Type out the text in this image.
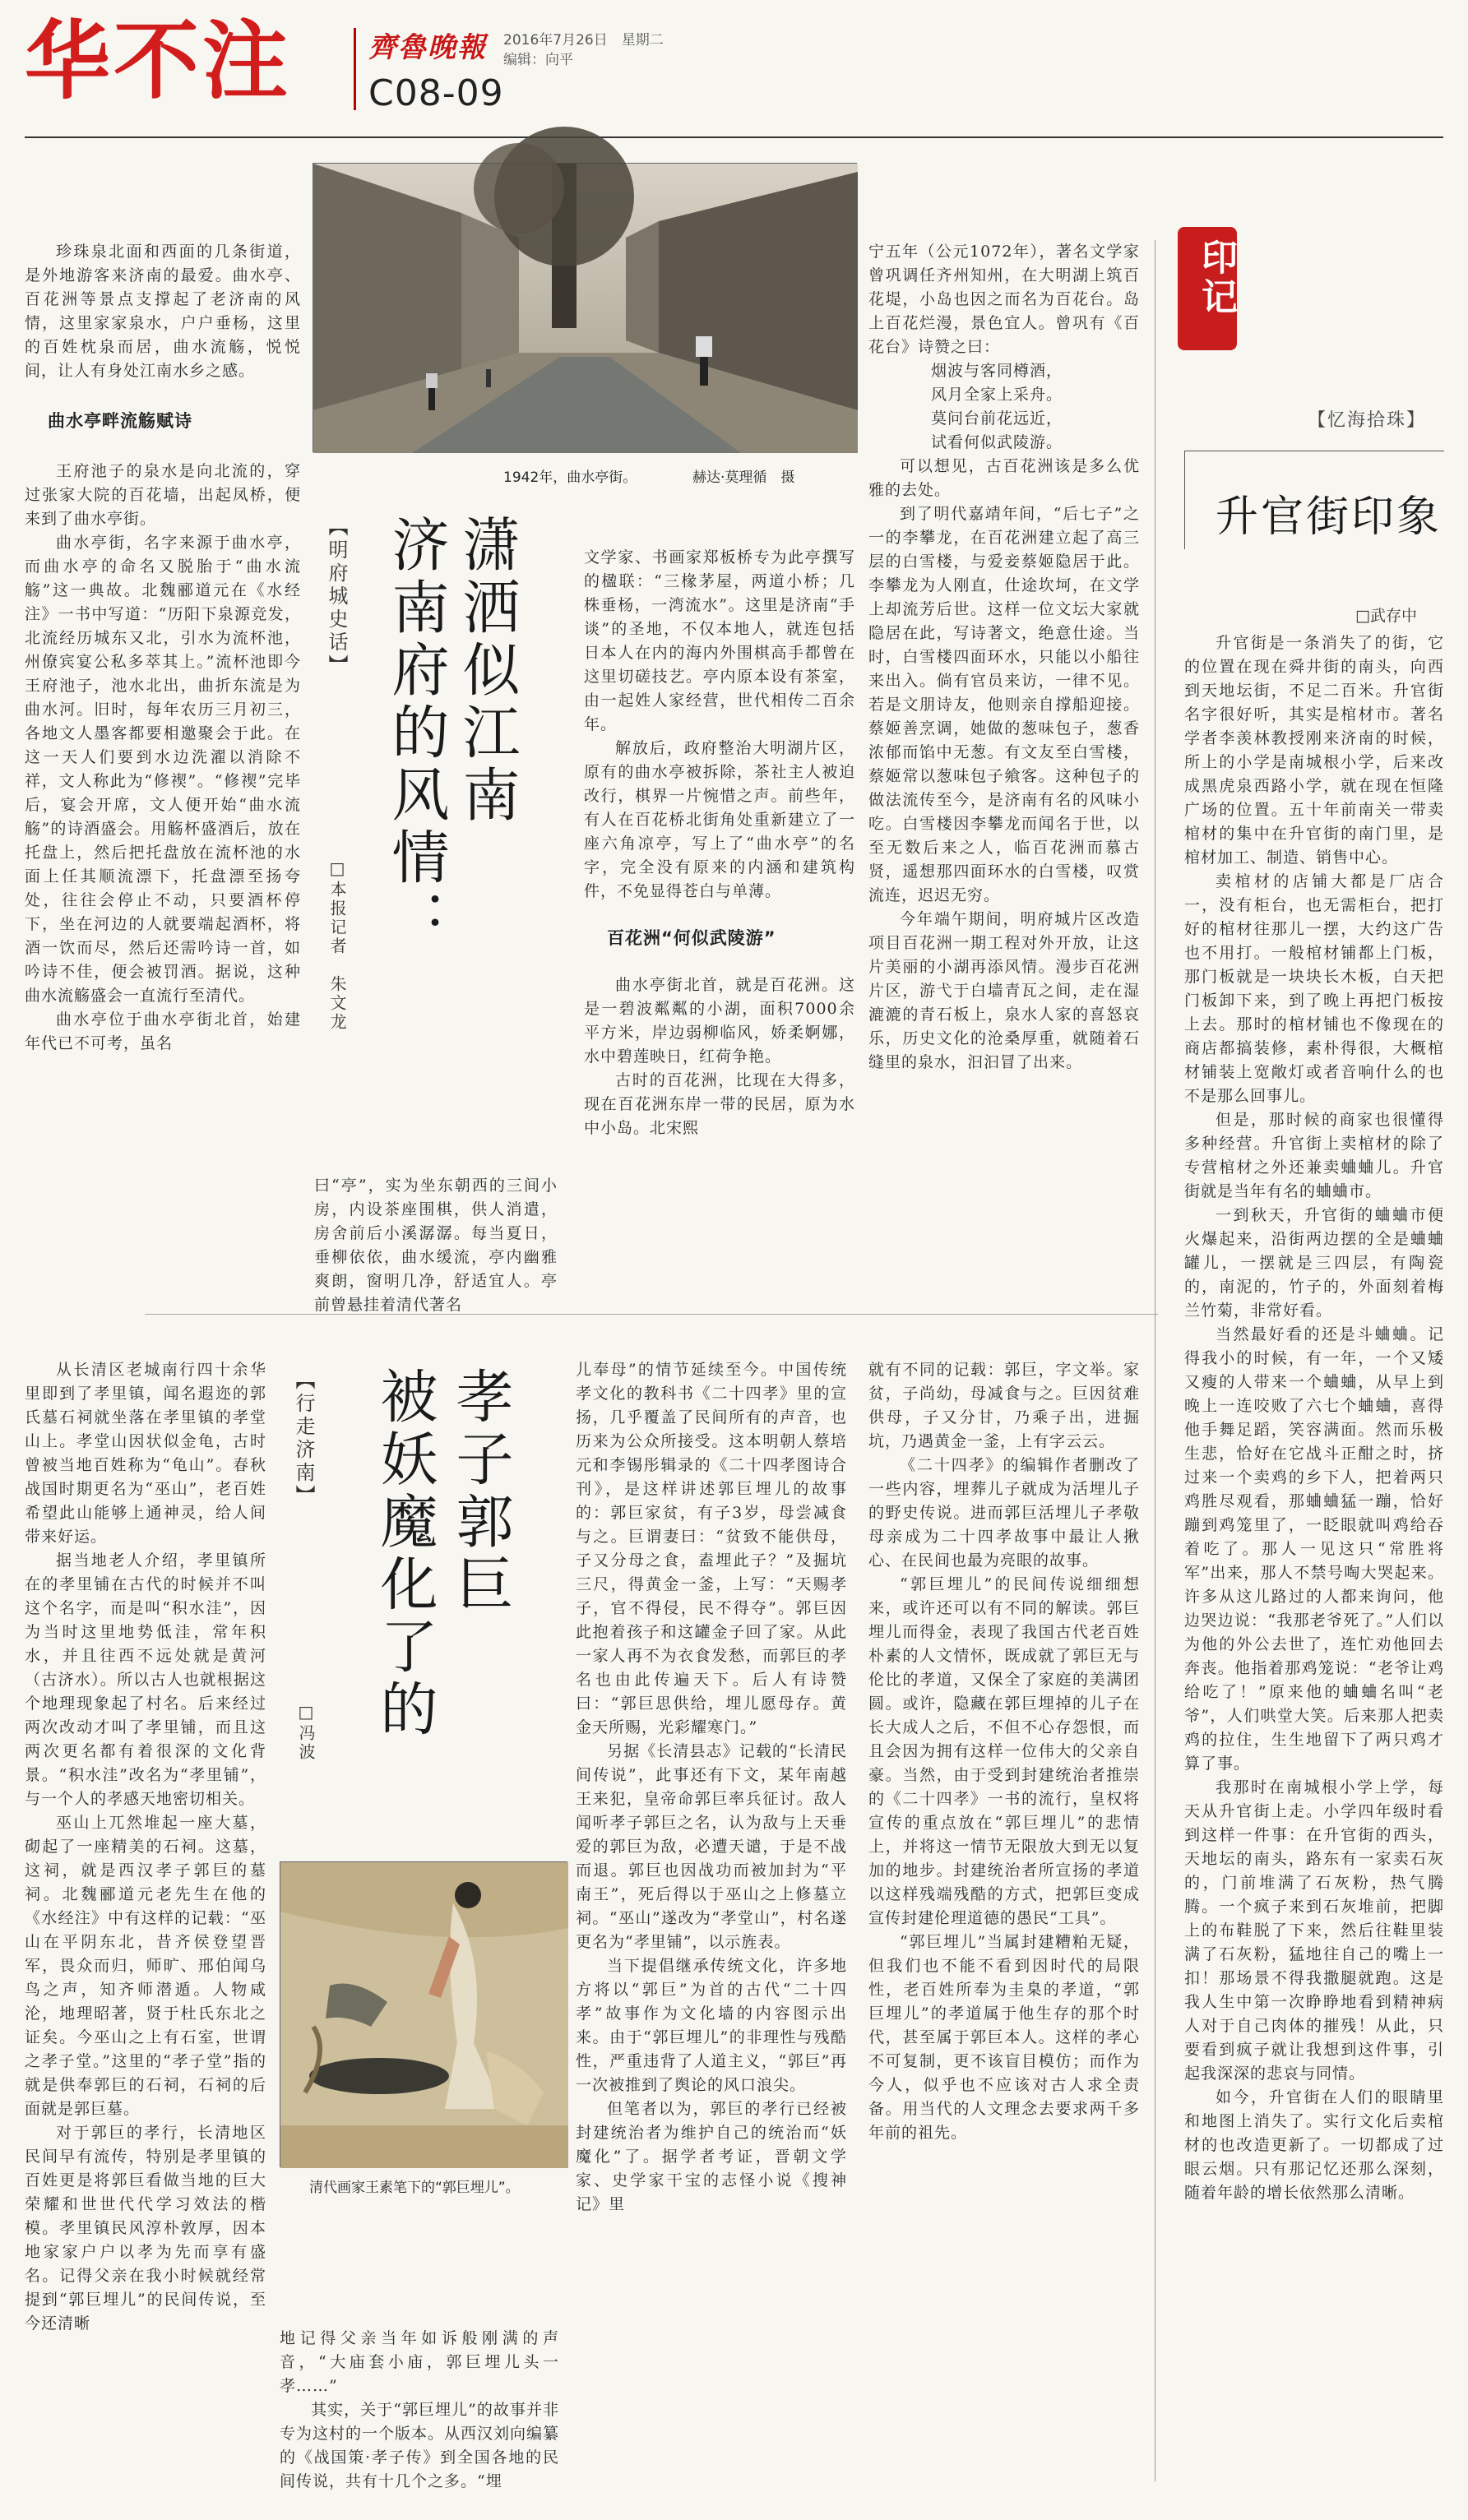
华不注	齊魯晚報 2016年7月26日　星期二
编辑：向平
C08-09
1942年，曲水亭街。	赫达·莫理循　摄
【明府城史话】 潇洒似江南
济南府的风情：
□本报记者　朱文龙

珍珠泉北面和西面的几条街道，是外地游客来济南的最爱。曲水亭、百花洲等景点支撑起了老济南的风情，这里家家泉水，户户垂杨，这里的百姓枕泉而居，曲水流觞，悦悦间，让人有身处江南水乡之感。

曲水亭畔流觞赋诗

王府池子的泉水是向北流的，穿过张家大院的百花墙，出起凤桥，便来到了曲水亭街。

曲水亭街，名字来源于曲水亭，而曲水亭的命名又脱胎于“曲水流觞”这一典故。北魏郦道元在《水经注》一书中写道：“历阳下泉源竞发，北流经历城东又北，引水为流杯池，州僚宾宴公私多萃其上。”流杯池即今王府池子，池水北出，曲折东流是为曲水河。旧时，每年农历三月初三，各地文人墨客都要相邀聚会于此。在这一天人们要到水边洗濯以消除不祥，文人称此为“修禊”。“修禊”完毕后，宴会开席，文人便开始“曲水流觞”的诗酒盛会。用觞杯盛酒后，放在托盘上，然后把托盘放在流杯池的水面上任其顺流漂下，托盘漂至扬夸处，往往会停止不动，只要酒杯停下，坐在河边的人就要端起酒杯，将酒一饮而尽，然后还需吟诗一首，如吟诗不佳，便会被罚酒。据说，这种曲水流觞盛会一直流行至清代。

曲水亭位于曲水亭街北首，始建年代已不可考，虽名

曰“亭”，实为坐东朝西的三间小房，内设茶座围棋，供人消遣，房舍前后小溪潺潺。每当夏日，垂柳依依，曲水缓流，亭内幽雅爽朗，窗明几净，舒适宜人。亭前曾悬挂着清代著名

文学家、书画家郑板桥专为此亭撰写的楹联：“三椽茅屋，两道小桥；几株垂杨，一湾流水”。这里是济南“手谈”的圣地，不仅本地人，就连包括日本人在内的海内外围棋高手都曾在这里切磋技艺。亭内原本设有茶室，由一起姓人家经营，世代相传二百余年。

解放后，政府整治大明湖片区，原有的曲水亭被拆除，茶社主人被迫改行，棋界一片惋惜之声。前些年，有人在百花桥北街角处重新建立了一座六角凉亭，写上了“曲水亭”的名字，完全没有原来的内涵和建筑构件，不免显得苍白与单薄。

百花洲“何似武陵游”

曲水亭街北首，就是百花洲。这是一碧波粼粼的小湖，面积7000余平方米，岸边弱柳临风，娇柔婀娜，水中碧莲映日，红荷争艳。

古时的百花洲，比现在大得多，现在百花洲东岸一带的民居，原为水中小岛。北宋熙

宁五年（公元1072年），著名文学家曾巩调任齐州知州，在大明湖上筑百花堤，小岛也因之而名为百花台。岛上百花烂漫，景色宜人。曾巩有《百花台》诗赞之曰：

烟波与客同樽酒，

风月全家上采舟。

莫问台前花远近，

试看何似武陵游。

可以想见，古百花洲该是多么优雅的去处。

到了明代嘉靖年间，“后七子”之一的李攀龙，在百花洲建立起了高三层的白雪楼，与爱妾蔡姬隐居于此。李攀龙为人刚直，仕途坎坷，在文学上却流芳后世。这样一位文坛大家就隐居在此，写诗著文，绝意仕途。当时，白雪楼四面环水，只能以小船往来出入。倘有官员来访，一律不见。若是文朋诗友，他则亲自撑船迎接。蔡姬善烹调，她做的葱味包子，葱香浓郁而馅中无葱。有文友至白雪楼，蔡姬常以葱味包子飨客。这种包子的做法流传至今，是济南有名的风味小吃。白雪楼因李攀龙而闻名于世，以至无数后来之人，临百花洲而慕古贤，遥想那四面环水的白雪楼，叹赏流连，迟迟无穷。

今年端午期间，明府城片区改造项目百花洲一期工程对外开放，让这片美丽的小湖再添风情。漫步百花洲片区，游弋于白墙青瓦之间，走在湿漉漉的青石板上，泉水人家的喜怒哀乐，历史文化的沧桑厚重，就随着石缝里的泉水，汩汩冒了出来。

【行走济南】 孝子郭巨
被妖魔化了的
□冯波
清代画家王素笔下的“郭巨埋儿”。

从长清区老城南行四十余华里即到了孝里镇，闻名遐迩的郭氏墓石祠就坐落在孝里镇的孝堂山上。孝堂山因状似金龟，古时曾被当地百姓称为“龟山”。春秋战国时期更名为“巫山”，老百姓希望此山能够上通神灵，给人间带来好运。

据当地老人介绍，孝里镇所在的孝里铺在古代的时候并不叫这个名字，而是叫“积水洼”，因为当时这里地势低洼，常年积水，并且往西不远处就是黄河（古济水）。所以古人也就根据这个地理现象起了村名。后来经过两次改动才叫了孝里铺，而且这两次更名都有着很深的文化背景。“积水洼”改名为“孝里铺”，与一个人的孝感天地密切相关。

巫山上兀然堆起一座大墓，砌起了一座精美的石祠。这墓，这祠，就是西汉孝子郭巨的墓祠。北魏郦道元老先生在他的《水经注》中有这样的记载：“巫山在平阴东北，昔齐侯登望晋军，畏众而归，师旷、邢伯闻乌鸟之声，知齐师潜遁。人物咸沦，地理昭著，贤于杜氏东北之证矣。今巫山之上有石室，世谓之孝子堂。”这里的“孝子堂”指的就是供奉郭巨的石祠，石祠的后面就是郭巨墓。

对于郭巨的孝行，长清地区民间早有流传，特别是孝里镇的百姓更是将郭巨看做当地的巨大荣耀和世世代代学习效法的楷模。孝里镇民风淳朴敦厚，因本地家家户户以孝为先而享有盛名。记得父亲在我小时候就经常提到“郭巨埋儿”的民间传说，至今还清晰

地记得父亲当年如诉般刚满的声音，“大庙套小庙，郭巨埋儿头一孝……”

其实，关于“郭巨埋儿”的故事并非专为这村的一个版本。从西汉刘向编纂的《战国策·孝子传》到全国各地的民间传说，共有十几个之多。“埋

儿奉母”的情节延续至今。中国传统孝文化的教科书《二十四孝》里的宣扬，几乎覆盖了民间所有的声音，也历来为公众所接受。这本明朝人蔡培元和李锡彤辑录的《二十四孝图诗合刊》，是这样讲述郭巨埋儿的故事的：郭巨家贫，有子3岁，母尝减食与之。巨谓妻曰：“贫致不能供母，子又分母之食，盍埋此子？”及掘坑三尺，得黄金一釜，上写：“天赐孝子，官不得侵，民不得夺”。郭巨因此抱着孩子和这罐金子回了家。从此一家人再不为衣食发愁，而郭巨的孝名也由此传遍天下。后人有诗赞曰：“郭巨思供给，埋儿愿母存。黄金天所赐，光彩耀寒门。”

另据《长清县志》记载的“长清民间传说”，此事还有下文，某年南越王来犯，皇帝命郭巨率兵征讨。敌人闻听孝子郭巨之名，认为敌与上天垂爱的郭巨为敌，必遭天谴，于是不战而退。郭巨也因战功而被加封为“平南王”，死后得以于巫山之上修墓立祠。“巫山”遂改为“孝堂山”，村名遂更名为“孝里铺”，以示旌表。

当下提倡继承传统文化，许多地方将以“郭巨”为首的古代“二十四孝”故事作为文化墙的内容图示出来。由于“郭巨埋儿”的非理性与残酷性，严重违背了人道主义，“郭巨”再一次被推到了舆论的风口浪尖。

但笔者以为，郭巨的孝行已经被封建统治者为维护自己的统治而“妖魔化”了。据学者考证，晋朝文学家、史学家干宝的志怪小说《搜神记》里

就有不同的记载：郭巨，字文举。家贫，子尚幼，母减食与之。巨因贫难供母，子又分甘，乃乘子出，进掘坑，乃遇黄金一釜，上有字云云。

《二十四孝》的编辑作者删改了一些内容，埋葬儿子就成为活埋儿子的野史传说。进而郭巨活埋儿子孝敬母亲成为二十四孝故事中最让人揪心、在民间也最为亮眼的故事。

“郭巨埋儿”的民间传说细细想来，或许还可以有不同的解读。郭巨埋儿而得金，表现了我国古代老百姓朴素的人文情怀，既成就了郭巨无与伦比的孝道，又保全了家庭的美满团圆。或许，隐藏在郭巨埋掉的儿子在长大成人之后，不但不心存怨恨，而且会因为拥有这样一位伟大的父亲自豪。当然，由于受到封建统治者推崇的《二十四孝》一书的流行，皇权将宣传的重点放在“郭巨埋儿”的悲情上，并将这一情节无限放大到无以复加的地步。封建统治者所宣扬的孝道以这样残端残酷的方式，把郭巨变成宣传封建伦理道德的愚民“工具”。

“郭巨埋儿”当属封建糟粕无疑，但我们也不能不看到因时代的局限性，老百姓所奉为圭臬的孝道，“郭巨埋儿”的孝道属于他生存的那个时代，甚至属于郭巨本人。这样的孝心不可复制，更不该盲目模仿；而作为今人，似乎也不应该对古人求全责备。用当代的人文理念去要求两千多年前的祖先。

印记
【忆海拾珠】
升官街印象
□武存中

升官街是一条消失了的街，它的位置在现在舜井街的南头，向西到天地坛街，不足二百米。升官街名字很好听，其实是棺材市。著名学者李羡林教授刚来济南的时候，所上的小学是南城根小学，后来改成黑虎泉西路小学，就在现在恒隆广场的位置。五十年前南关一带卖棺材的集中在升官街的南门里，是棺材加工、制造、销售中心。

卖棺材的店铺大都是厂店合一，没有柜台，也无需柜台，把打好的棺材往那儿一摆，大约这广告也不用打。一般棺材铺都上门板，那门板就是一块块长木板，白天把门板卸下来，到了晚上再把门板按上去。那时的棺材铺也不像现在的商店都搞装修，素朴得很，大概棺材铺装上宽敞灯或者音响什么的也不是那么回事儿。

但是，那时候的商家也很懂得多种经营。升官街上卖棺材的除了专营棺材之外还兼卖蛐蛐儿。升官街就是当年有名的蛐蛐市。

一到秋天，升官街的蛐蛐市便火爆起来，沿街两边摆的全是蛐蛐罐儿，一摆就是三四层，有陶瓷的，南泥的，竹子的，外面刻着梅兰竹菊，非常好看。

当然最好看的还是斗蛐蛐。记得我小的时候，有一年，一个又矮又瘦的人带来一个蛐蛐，从早上到晚上一连咬败了六七个蛐蛐，喜得他手舞足蹈，笑容满面。然而乐极生悲，恰好在它战斗正酣之时，挤过来一个卖鸡的乡下人，把着两只鸡胜尽观看，那蛐蛐猛一蹦，恰好蹦到鸡笼里了，一眨眼就叫鸡给吞着吃了。那人一见这只“常胜将军”出来，那人不禁号啕大哭起来。许多从这儿路过的人都来询问，他边哭边说：“我那老爷死了。”人们以为他的外公去世了，连忙劝他回去奔丧。他指着那鸡笼说：“老爷让鸡给吃了！”原来他的蛐蛐名叫“老爷”，人们哄堂大笑。后来那人把卖鸡的拉住，生生地留下了两只鸡才算了事。

我那时在南城根小学上学，每天从升官街上走。小学四年级时看到这样一件事：在升官街的西头，天地坛的南头，路东有一家卖石灰的，门前堆满了石灰粉，热气腾腾。一个疯子来到石灰堆前，把脚上的布鞋脱了下来，然后往鞋里装满了石灰粉，猛地往自己的嘴上一扣！那场景不得我撒腿就跑。这是我人生中第一次睁睁地看到精神病人对于自己肉体的摧残！从此，只要看到疯子就让我想到这件事，引起我深深的悲哀与同情。

如今，升官街在人们的眼睛里和地图上消失了。实行文化后卖棺材的也改造更新了。一切都成了过眼云烟。只有那记忆还那么深刻，随着年龄的增长依然那么清晰。
